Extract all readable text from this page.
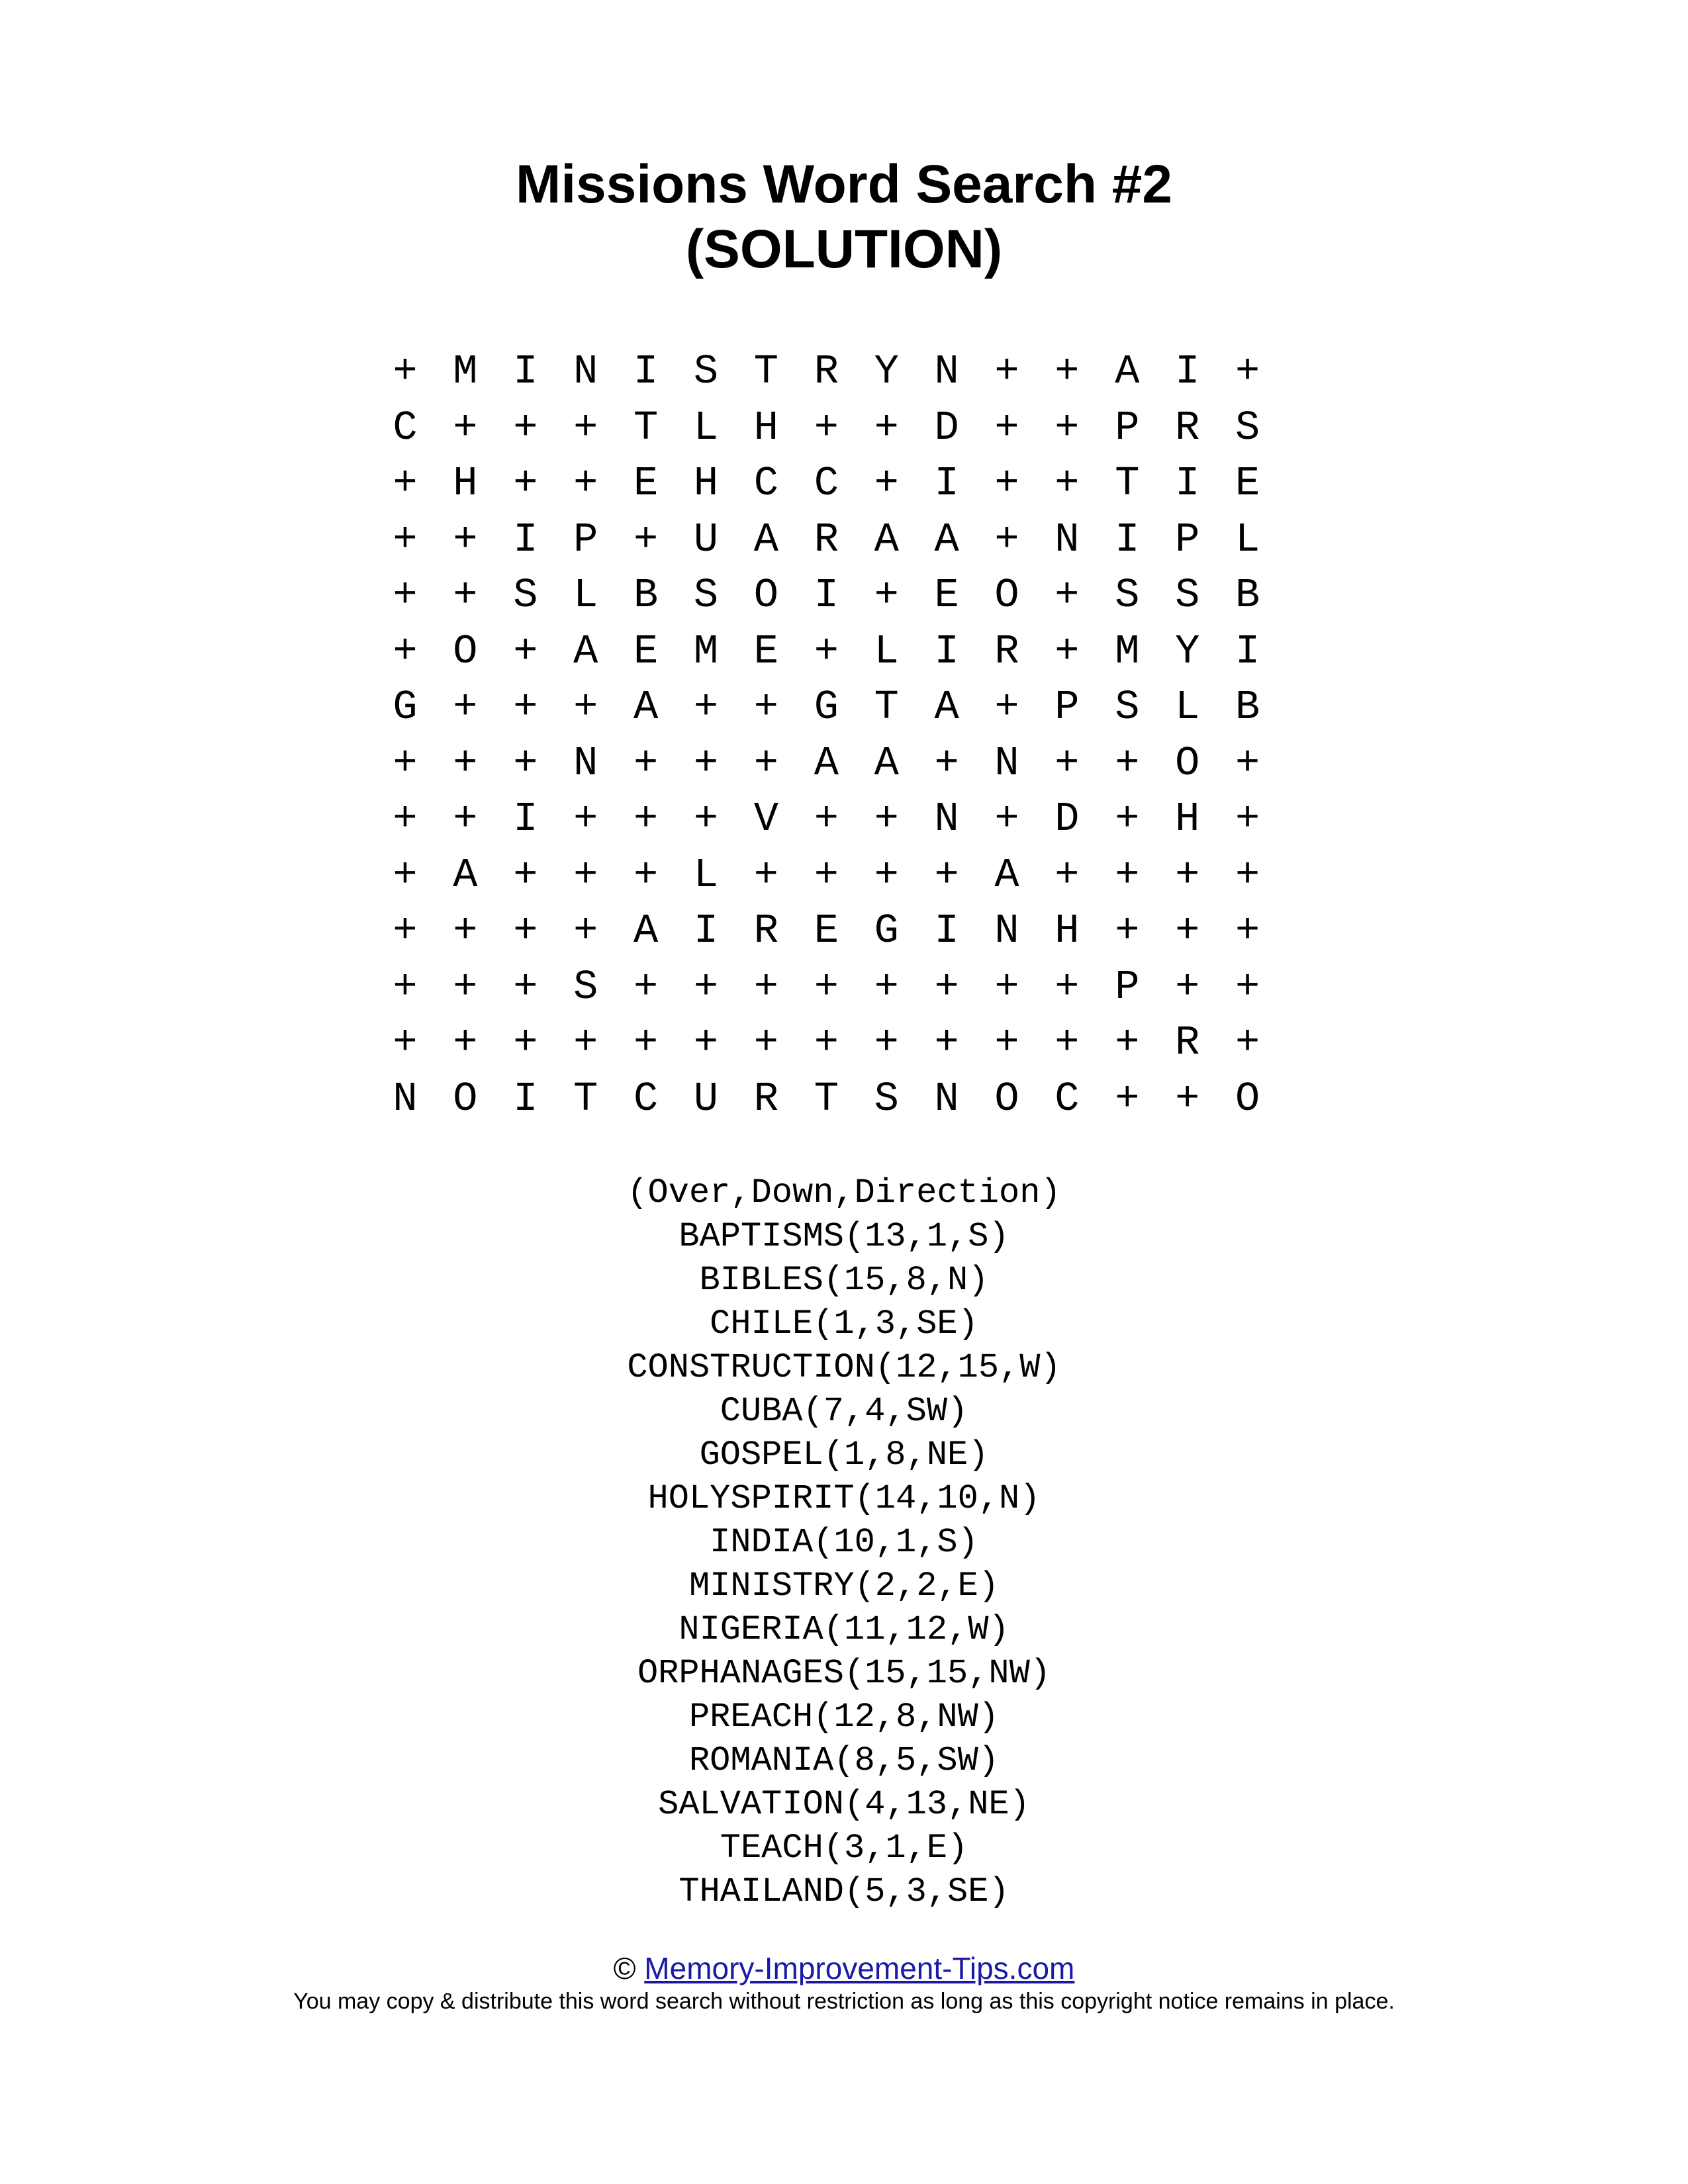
Missions Word Search #2
(SOLUTION)
+ M I N I S T R Y N + + A I +
C + + + T L H + + D + + P R S
+ H + + E H C C + I + + T I E
+ + I P + U A R A A + N I P L
+ + S L B S O I + E O + S S B
+ O + A E M E + L I R + M Y I
G + + + A + + G T A + P S L B
+ + + N + + + A A + N + + O +
+ + I + + + V + + N + D + H +
+ A + + + L + + + + A + + + +
+ + + + A I R E G I N H + + +
+ + + S + + + + + + + + P + +
+ + + + + + + + + + + + + R +
N O I T C U R T S N O C + + O
(Over,Down,Direction)
BAPTISMS(13,1,S)
BIBLES(15,8,N)
CHILE(1,3,SE)
CONSTRUCTION(12,15,W)
CUBA(7,4,SW)
GOSPEL(1,8,NE)
HOLYSPIRIT(14,10,N)
INDIA(10,1,S)
MINISTRY(2,2,E)
NIGERIA(11,12,W)
ORPHANAGES(15,15,NW)
PREACH(12,8,NW)
ROMANIA(8,5,SW)
SALVATION(4,13,NE)
TEACH(3,1,E)
THAILAND(5,3,SE)
© Memory-Improvement-Tips.com
You may copy & distribute this word search without restriction as long as this copyright notice remains in place.
